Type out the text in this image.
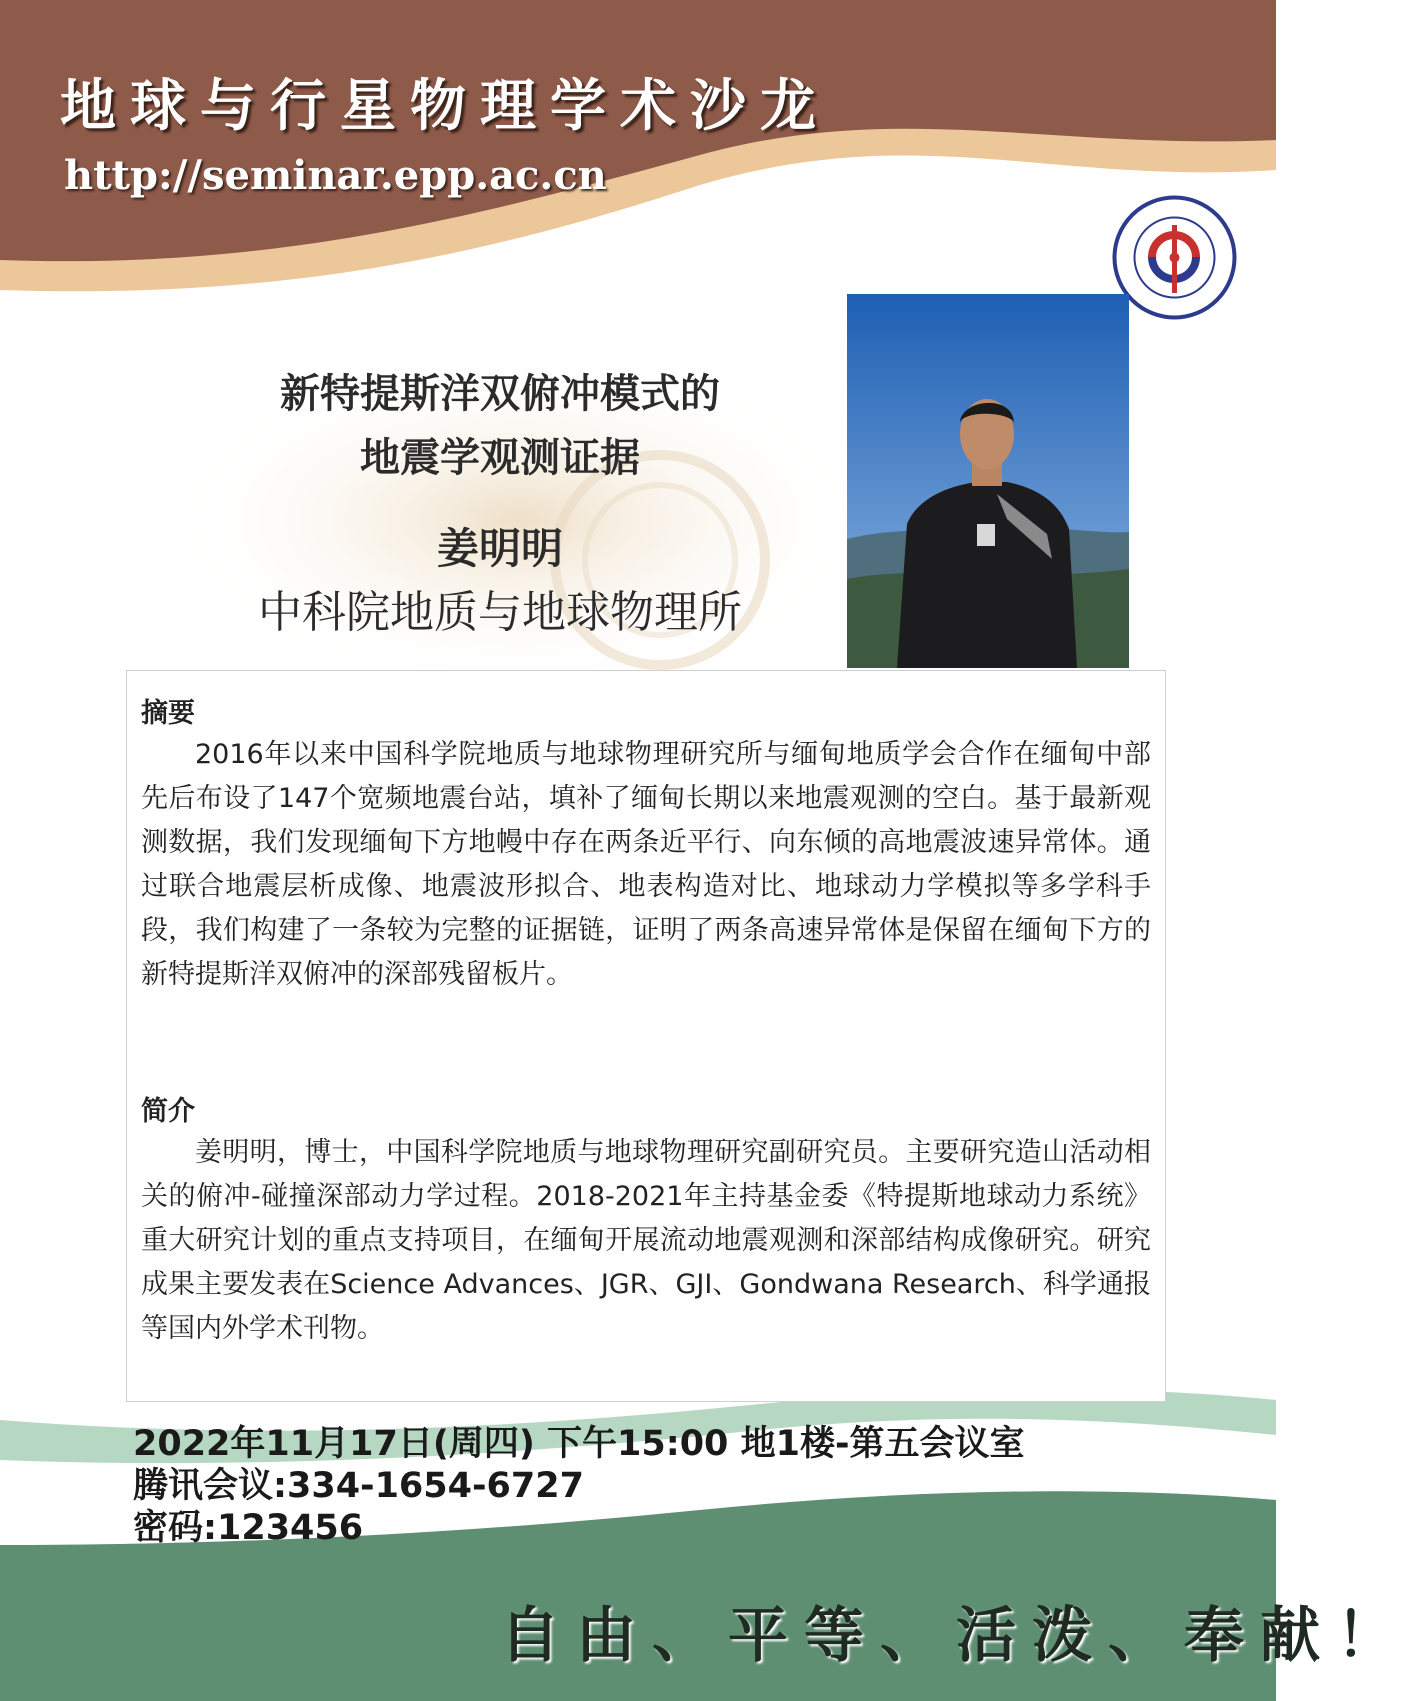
地球与行星物理学术沙龙
http://seminar.epp.ac.cn
新特提斯洋双俯冲模式的
地震学观测证据
姜明明
中科院地质与地球物理所
摘要

2016年以来中国科学院地质与地球物理研究所与缅甸地质学会合作在缅甸中部先后布设了147个宽频地震台站，填补了缅甸长期以来地震观测的空白。基于最新观测数据，我们发现缅甸下方地幔中存在两条近平行、向东倾的高地震波速异常体。通过联合地震层析成像、地震波形拟合、地表构造对比、地球动力学模拟等多学科手段，我们构建了一条较为完整的证据链，证明了两条高速异常体是保留在缅甸下方的新特提斯洋双俯冲的深部残留板片。

简介

姜明明，博士，中国科学院地质与地球物理研究副研究员。主要研究造山活动相关的俯冲-碰撞深部动力学过程。2018-2021年主持基金委《特提斯地球动力系统》重大研究计划的重点支持项目，在缅甸开展流动地震观测和深部结构成像研究。研究成果主要发表在Science Advances、JGR、GJI、Gondwana Research、科学通报等国内外学术刊物。

2022年11月17日(周四) 下午15:00 地1楼-第五会议室
腾讯会议:334-1654-6727
密码:123456
自由、平等、活泼、奉献！
